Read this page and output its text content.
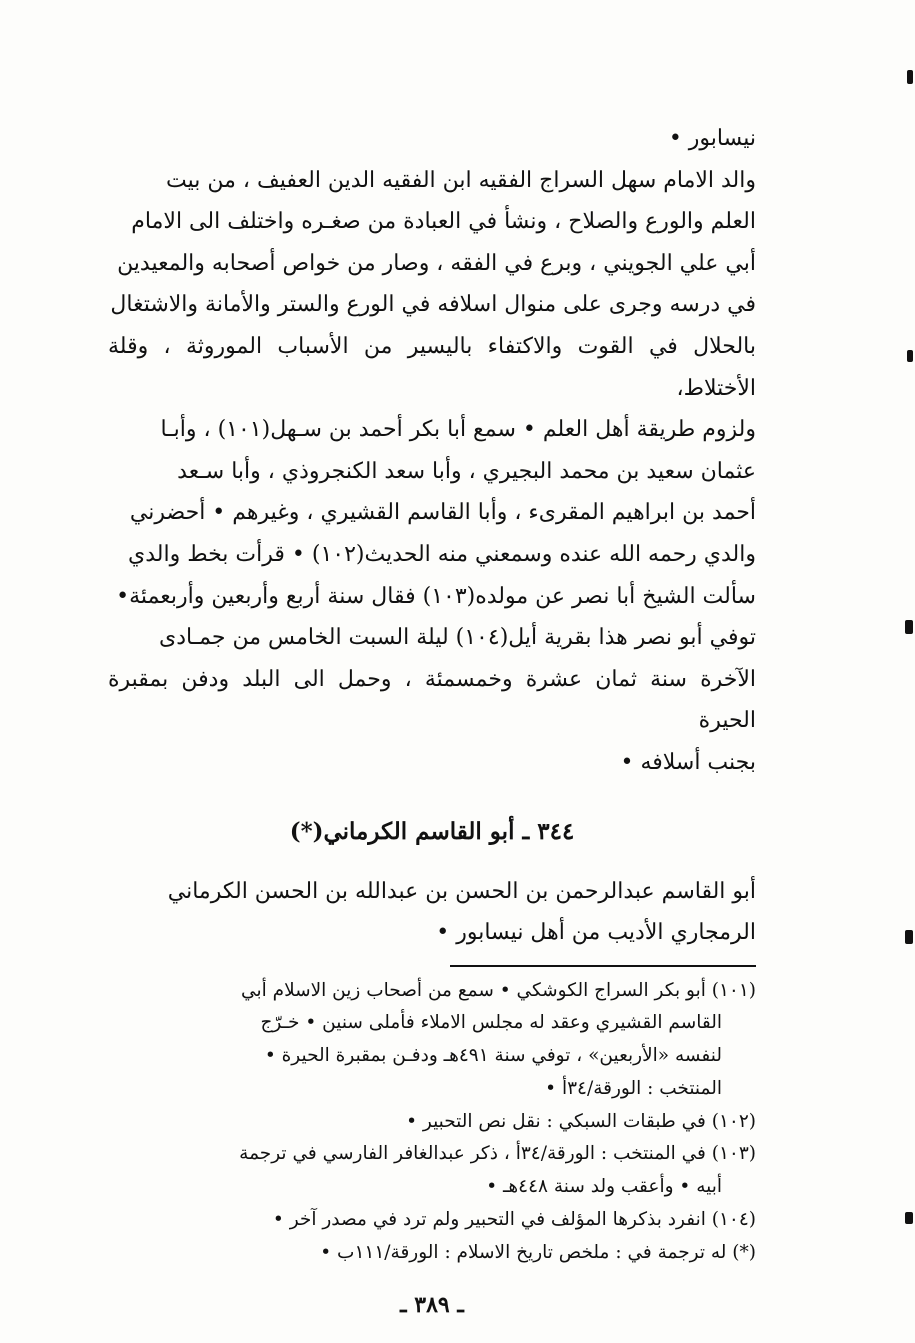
نيسابور •

والد الامام سهل السراج الفقيه ابن الفقيه الدين العفيف ، من بيت

العلم والورع والصلاح ، ونشأ في العبادة من صغـره واختلف الى الامام

أبي علي الجويني ، وبرع في الفقه ، وصار من خواص أصحابه والمعيدين

في درسه وجرى على منوال اسلافه في الورع والستر والأمانة والاشتغال

بالحلال في القوت والاكتفاء باليسير من الأسباب الموروثة ، وقلة الأختلاط،

ولزوم طريقة أهل العلم • سمع أبا بكر أحمد بن سـهل(١٠١) ، وأبـا

عثمان سعيد بن محمد البجيري ، وأبا سعد الكنجروذي ، وأبا سـعد

أحمد بن ابراهيم المقرىء ، وأبا القاسم القشيري ، وغيرهم • أحضرني

والدي رحمه الله عنده وسمعني منه الحديث(١٠٢) • قرأت بخط والدي

سألت الشيخ أبا نصر عن مولده(١٠٣) فقال سنة أربع وأربعين وأربعمئة•

توفي أبو نصر هذا بقرية أيل(١٠٤) ليلة السبت الخامس من جمـادى

الآخرة سنة ثمان عشرة وخمسمئة ، وحمل الى البلد ودفن بمقبرة الحيرة

بجنب أسلافه •

٣٤٤ ـ أبو القاسم الكرماني(*)

أبو القاسم عبدالرحمن بن الحسن بن عبدالله بن الحسن الكرماني

الرمجاري الأديب من أهل نيسابور •

(١٠١) أبو بكر السراج الكوشكي • سمع من أصحاب زين الاسلام أبي
القاسم القشيري وعقد له مجلس الاملاء فأملى سنين • خـرّج
لنفسه «الأربعين» ، توفي سنة ٤٩١هـ ودفـن بمقبرة الحيرة •
المنتخب : الورقة/٣٤أ •

(١٠٢) في طبقات السبكي : نقل نص التحبير •

(١٠٣) في المنتخب : الورقة/٣٤أ ، ذكر عبدالغافر الفارسي في ترجمة
أبيه • وأعقب ولد سنة ٤٤٨هـ •

(١٠٤) انفرد بذكرها المؤلف في التحبير ولم ترد في مصدر آخر •

(*) له ترجمة في : ملخص تاريخ الاسلام : الورقة/١١١ب •

ـ ٣٨٩ ـ
